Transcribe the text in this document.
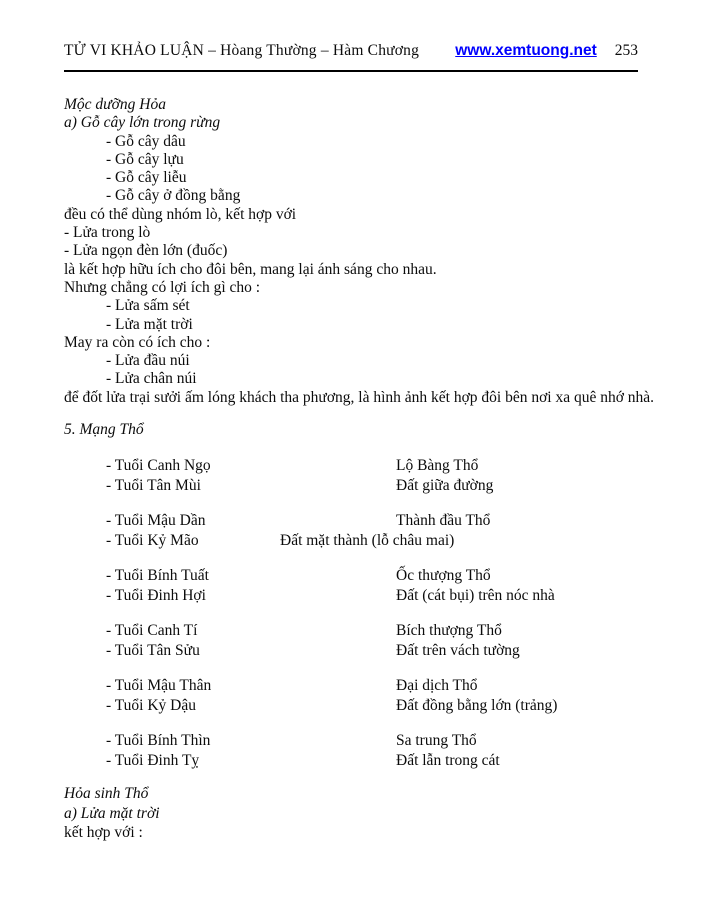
TỬ VI KHẢO LUẬN – Hòang Thường – Hàm Chương www.xemtuong.net 253
Mộc dưỡng Hỏa
a) Gỗ cây lớn trong rừng
- Gỗ cây dâu
- Gỗ cây lựu
- Gỗ cây liễu
- Gỗ cây ở đồng bằng
đều có thể dùng nhóm lò, kết hợp với
- Lửa trong lò
- Lửa ngọn đèn lớn (đuốc)
là kết hợp hữu ích cho đôi bên, mang lại ánh sáng cho nhau.
Nhưng chẳng có lợi ích gì cho :
- Lửa sấm sét
- Lửa mặt trời
May ra còn có ích cho :
- Lửa đầu núi
- Lửa chân núi
để đốt lửa trại sưởi ấm lóng khách tha phương, là hình ảnh kết hợp đôi bên nơi xa quê nhớ nhà.
5. Mạng Thổ
- Tuổi Canh Ngọ	Lộ Bàng Thổ
- Tuổi Tân Mùi	Đất giữa đường
- Tuổi Mậu Dần	Thành đầu Thổ
- Tuổi Kỷ Mão	Đất mặt thành (lỗ châu mai)
- Tuổi Bính Tuất	Ốc thượng Thổ
- Tuổi Đinh Hợi	Đất (cát bụi) trên nóc nhà
- Tuổi Canh Tí	Bích thượng Thổ
- Tuổi Tân Sửu	Đất trên vách tường
- Tuổi Mậu Thân	Đại dịch Thổ
- Tuổi Kỷ Dậu	Đất đồng bằng lớn (trảng)
- Tuổi Bính Thìn	Sa trung Thổ
- Tuổi Đinh Tỵ	Đất lẫn trong cát
Hỏa sinh Thổ
a) Lửa mặt trời
kết hợp với :
